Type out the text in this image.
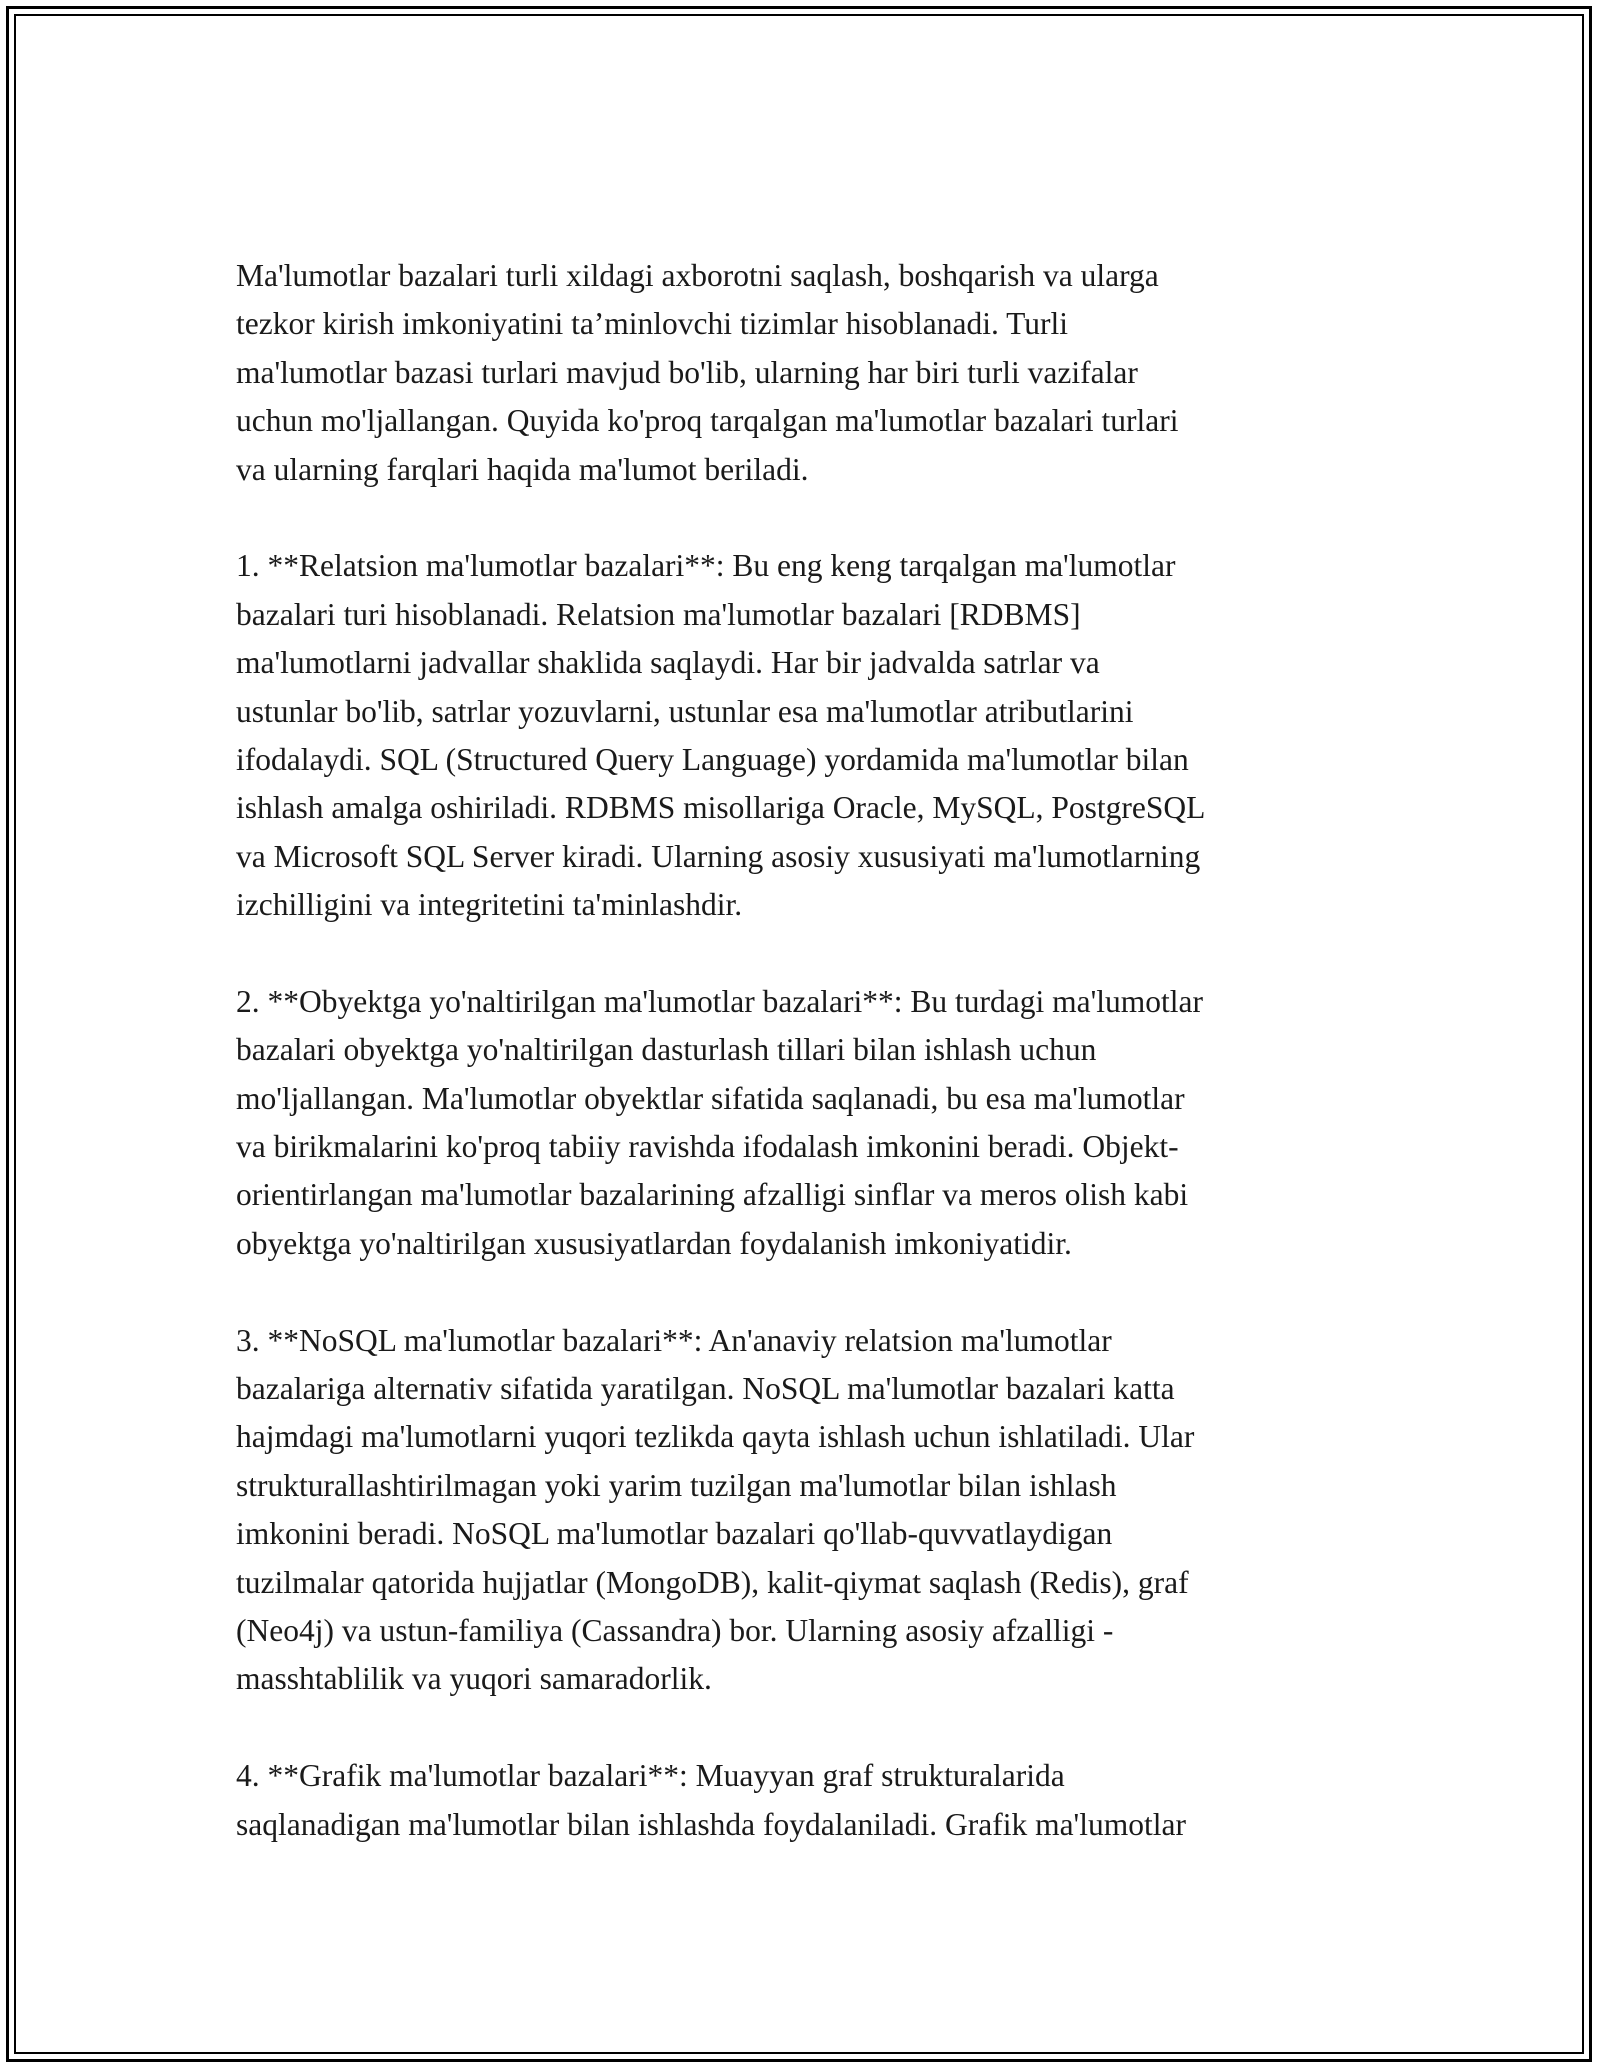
Ma'lumotlar bazalari turli xildagi axborotni saqlash, boshqarish va ularga
tezkor kirish imkoniyatini ta’minlovchi tizimlar hisoblanadi. Turli
ma'lumotlar bazasi turlari mavjud bo'lib, ularning har biri turli vazifalar
uchun mo'ljallangan. Quyida ko'proq tarqalgan ma'lumotlar bazalari turlari
va ularning farqlari haqida ma'lumot beriladi.
1. **Relatsion ma'lumotlar bazalari**: Bu eng keng tarqalgan ma'lumotlar
bazalari turi hisoblanadi. Relatsion ma'lumotlar bazalari [RDBMS]
ma'lumotlarni jadvallar shaklida saqlaydi. Har bir jadvalda satrlar va
ustunlar bo'lib, satrlar yozuvlarni, ustunlar esa ma'lumotlar atributlarini
ifodalaydi. SQL (Structured Query Language) yordamida ma'lumotlar bilan
ishlash amalga oshiriladi. RDBMS misollariga Oracle, MySQL, PostgreSQL
va Microsoft SQL Server kiradi. Ularning asosiy xususiyati ma'lumotlarning
izchilligini va integritetini ta'minlashdir.
2. **Obyektga yo'naltirilgan ma'lumotlar bazalari**: Bu turdagi ma'lumotlar
bazalari obyektga yo'naltirilgan dasturlash tillari bilan ishlash uchun
mo'ljallangan. Ma'lumotlar obyektlar sifatida saqlanadi, bu esa ma'lumotlar
va birikmalarini ko'proq tabiiy ravishda ifodalash imkonini beradi. Objekt-
orientirlangan ma'lumotlar bazalarining afzalligi sinflar va meros olish kabi
obyektga yo'naltirilgan xususiyatlardan foydalanish imkoniyatidir.
3. **NoSQL ma'lumotlar bazalari**: An'anaviy relatsion ma'lumotlar
bazalariga alternativ sifatida yaratilgan. NoSQL ma'lumotlar bazalari katta
hajmdagi ma'lumotlarni yuqori tezlikda qayta ishlash uchun ishlatiladi. Ular
strukturallashtirilmagan yoki yarim tuzilgan ma'lumotlar bilan ishlash
imkonini beradi. NoSQL ma'lumotlar bazalari qo'llab-quvvatlaydigan
tuzilmalar qatorida hujjatlar (MongoDB), kalit-qiymat saqlash (Redis), graf
(Neo4j) va ustun-familiya (Cassandra) bor. Ularning asosiy afzalligi -
masshtablilik va yuqori samaradorlik.
4. **Grafik ma'lumotlar bazalari**: Muayyan graf strukturalarida
saqlanadigan ma'lumotlar bilan ishlashda foydalaniladi. Grafik ma'lumotlar
